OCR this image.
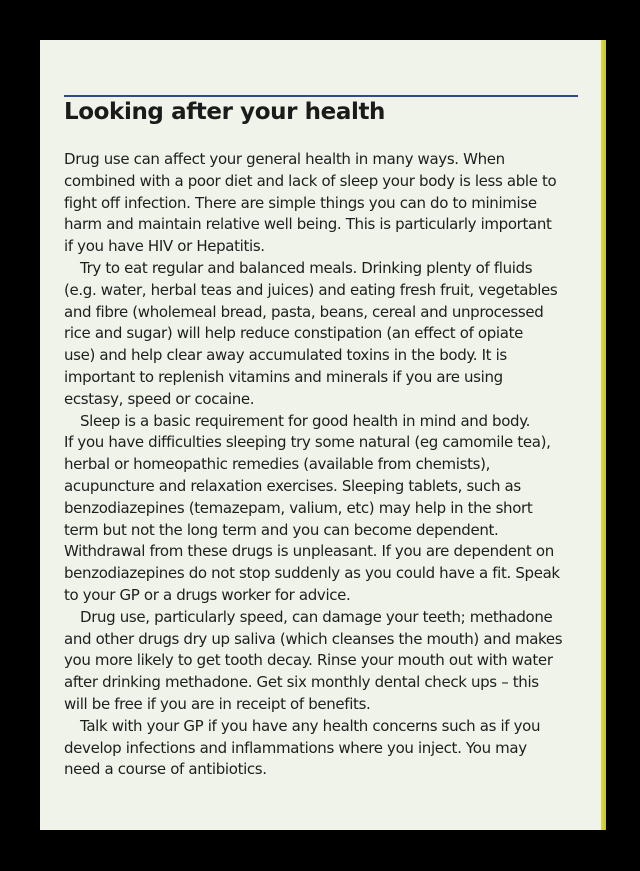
Looking after your health

Drug use can affect your general health in many ways. When
combined with a poor diet and lack of sleep your body is less able to
fight off infection. There are simple things you can do to minimise
harm and maintain relative well being. This is particularly important
if you have HIV or Hepatitis.

Try to eat regular and balanced meals. Drinking plenty of fluids
(e.g. water, herbal teas and juices) and eating fresh fruit, vegetables
and fibre (wholemeal bread, pasta, beans, cereal and unprocessed
rice and sugar) will help reduce constipation (an effect of opiate
use) and help clear away accumulated toxins in the body. It is
important to replenish vitamins and minerals if you are using
ecstasy, speed or cocaine.

Sleep is a basic requirement for good health in mind and body.
If you have difficulties sleeping try some natural (eg camomile tea),
herbal or homeopathic remedies (available from chemists),
acupuncture and relaxation exercises. Sleeping tablets, such as
benzodiazepines (temazepam, valium, etc) may help in the short
term but not the long term and you can become dependent.
Withdrawal from these drugs is unpleasant. If you are dependent on
benzodiazepines do not stop suddenly as you could have a fit. Speak
to your GP or a drugs worker for advice.

Drug use, particularly speed, can damage your teeth; methadone
and other drugs dry up saliva (which cleanses the mouth) and makes
you more likely to get tooth decay. Rinse your mouth out with water
after drinking methadone. Get six monthly dental check ups – this
will be free if you are in receipt of benefits.

Talk with your GP if you have any health concerns such as if you
develop infections and inflammations where you inject. You may
need a course of antibiotics.
